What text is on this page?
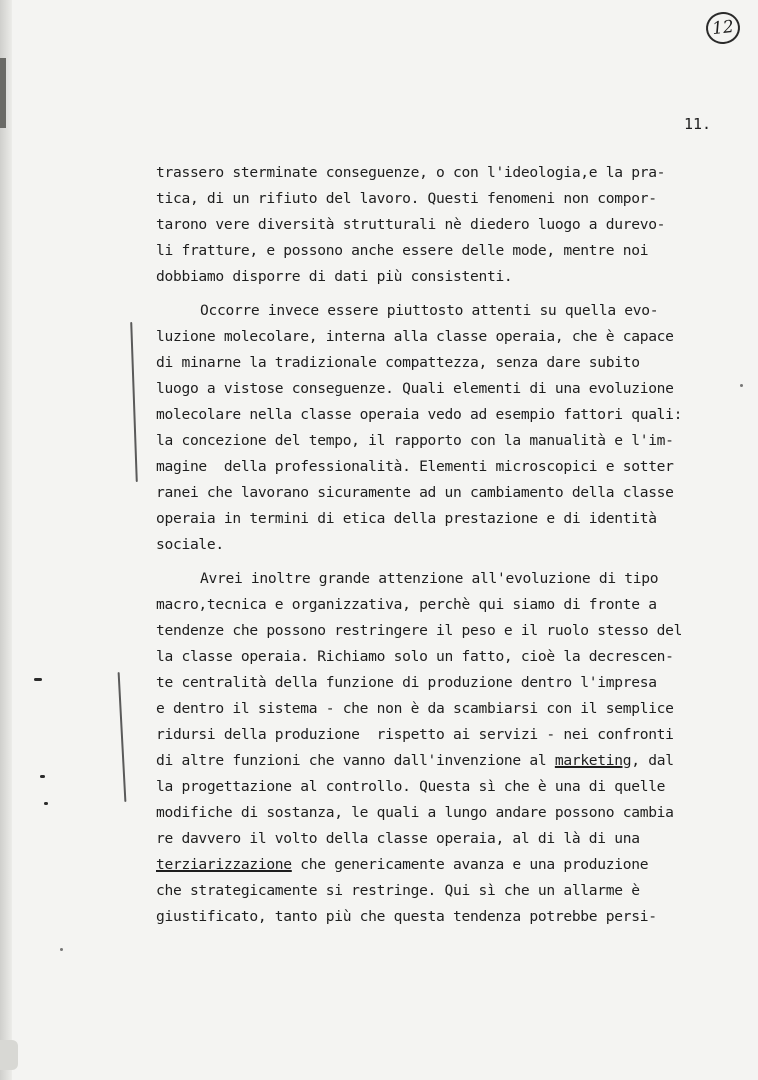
12
11.
trassero sterminate conseguenze, o con l'ideologia,e la pra-
tica, di un rifiuto del lavoro. Questi fenomeni non compor-
tarono vere diversità strutturali nè diedero luogo a durevo-
li fratture, e possono anche essere delle mode, mentre noi
dobbiamo disporre di dati più consistenti.
Occorre invece essere piuttosto attenti su quella evo-
luzione molecolare, interna alla classe operaia, che è capace
di minarne la tradizionale compattezza, senza dare subito
luogo a vistose conseguenze. Quali elementi di una evoluzione
molecolare nella classe operaia vedo ad esempio fattori quali:
la concezione del tempo, il rapporto con la manualità e l'im-
magine  della professionalità. Elementi microscopici e sotter
ranei che lavorano sicuramente ad un cambiamento della classe
operaia in termini di etica della prestazione e di identità
sociale.
Avrei inoltre grande attenzione all'evoluzione di tipo
macro,tecnica e organizzativa, perchè qui siamo di fronte a
tendenze che possono restringere il peso e il ruolo stesso del
la classe operaia. Richiamo solo un fatto, cioè la decrescen-
te centralità della funzione di produzione dentro l'impresa
e dentro il sistema - che non è da scambiarsi con il semplice
ridursi della produzione  rispetto ai servizi - nei confronti
di altre funzioni che vanno dall'invenzione al marketing, dal
la progettazione al controllo. Questa sì che è una di quelle
modifiche di sostanza, le quali a lungo andare possono cambia
re davvero il volto della classe operaia, al di là di una
terziarizzazione che genericamente avanza e una produzione
che strategicamente si restringe. Qui sì che un allarme è
giustificato, tanto più che questa tendenza potrebbe persi-
